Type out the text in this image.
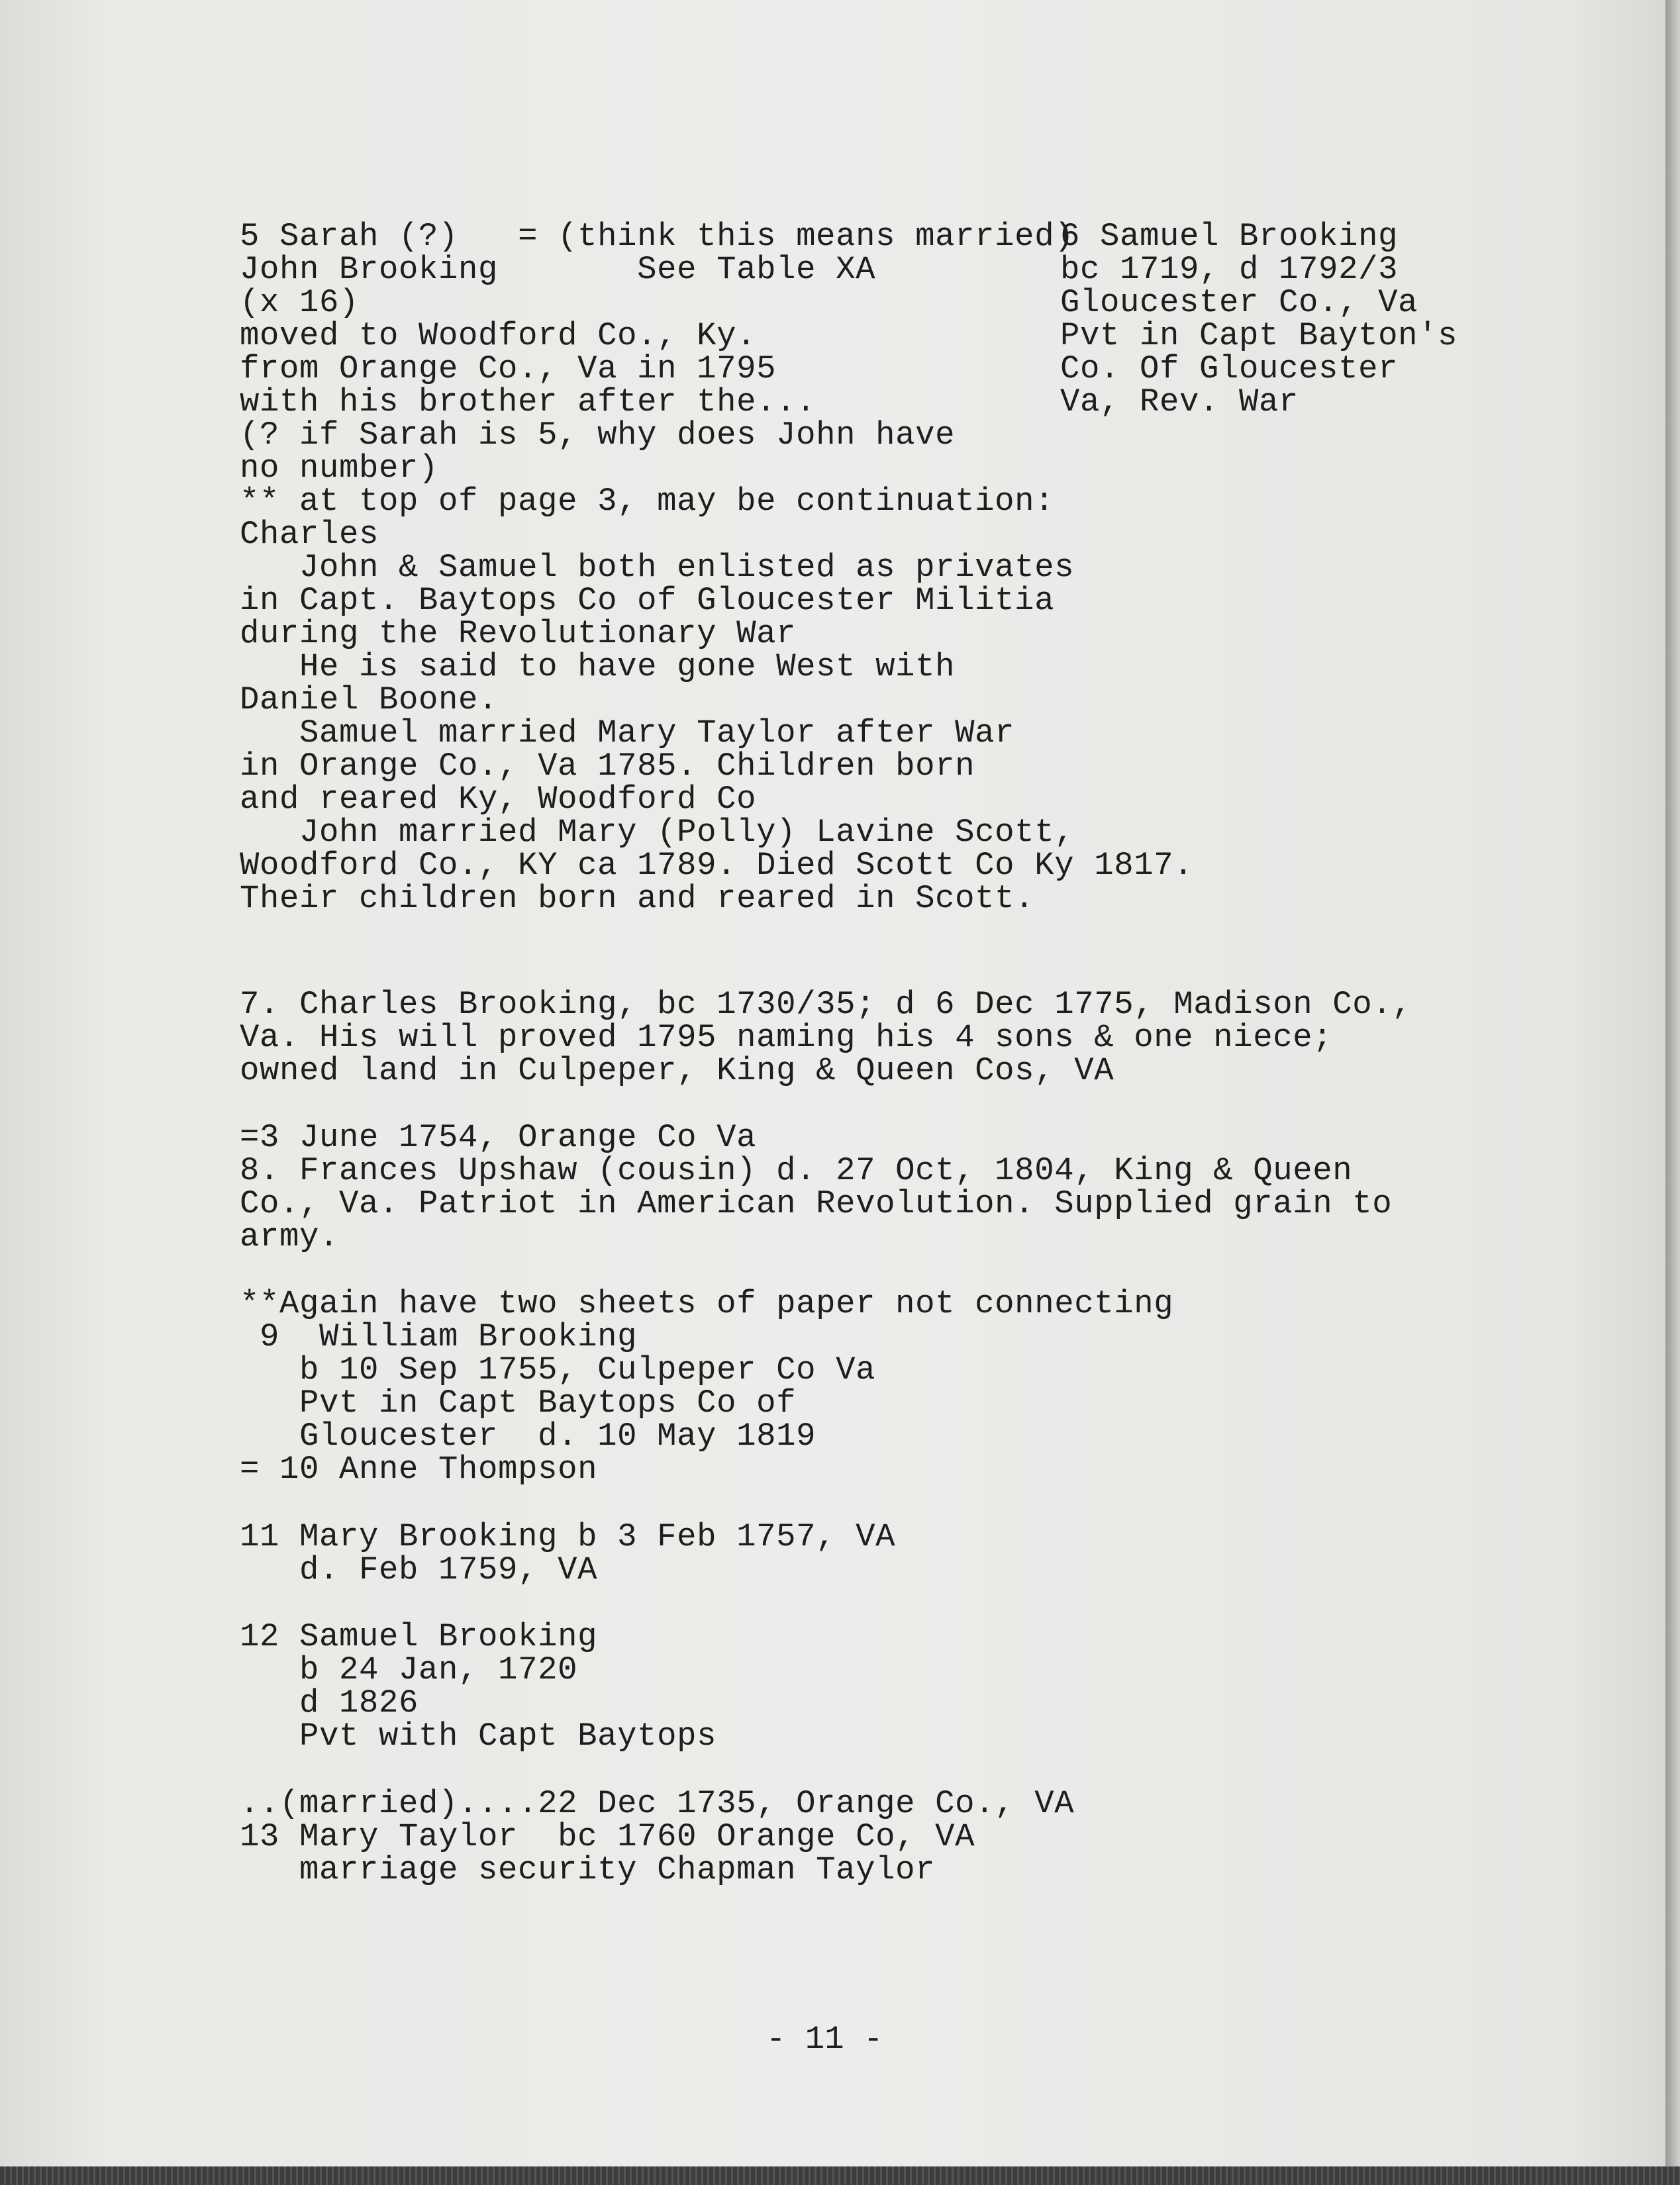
5 Sarah (?)   = (think this means married)

John Brooking       See Table XA

(x 16)

moved to Woodford Co., Ky.

from Orange Co., Va in 1795

with his brother after the...

(? if Sarah is 5, why does John have

no number)

** at top of page 3, may be continuation:

Charles

John & Samuel both enlisted as privates

in Capt. Baytops Co of Gloucester Militia

during the Revolutionary War

He is said to have gone West with

Daniel Boone.

Samuel married Mary Taylor after War

in Orange Co., Va 1785. Children born

and reared Ky, Woodford Co

John married Mary (Polly) Lavine Scott,

Woodford Co., KY ca 1789. Died Scott Co Ky 1817.

Their children born and reared in Scott.

6 Samuel Brooking

bc 1719, d 1792/3

Gloucester Co., Va

Pvt in Capt Bayton's

Co. Of Gloucester

Va, Rev. War

7. Charles Brooking, bc 1730/35; d 6 Dec 1775, Madison Co.,

Va. His will proved 1795 naming his 4 sons & one niece;

owned land in Culpeper, King & Queen Cos, VA

=3 June 1754, Orange Co Va

8. Frances Upshaw (cousin) d. 27 Oct, 1804, King & Queen

Co., Va. Patriot in American Revolution. Supplied grain to

army.

**Again have two sheets of paper not connecting

9  William Brooking

b 10 Sep 1755, Culpeper Co Va

Pvt in Capt Baytops Co of

Gloucester  d. 10 May 1819

= 10 Anne Thompson

11 Mary Brooking b 3 Feb 1757, VA

d. Feb 1759, VA

12 Samuel Brooking

b 24 Jan, 1720

d 1826

Pvt with Capt Baytops

..(married)....22 Dec 1735, Orange Co., VA

13 Mary Taylor  bc 1760 Orange Co, VA

marriage security Chapman Taylor

- 11 -
